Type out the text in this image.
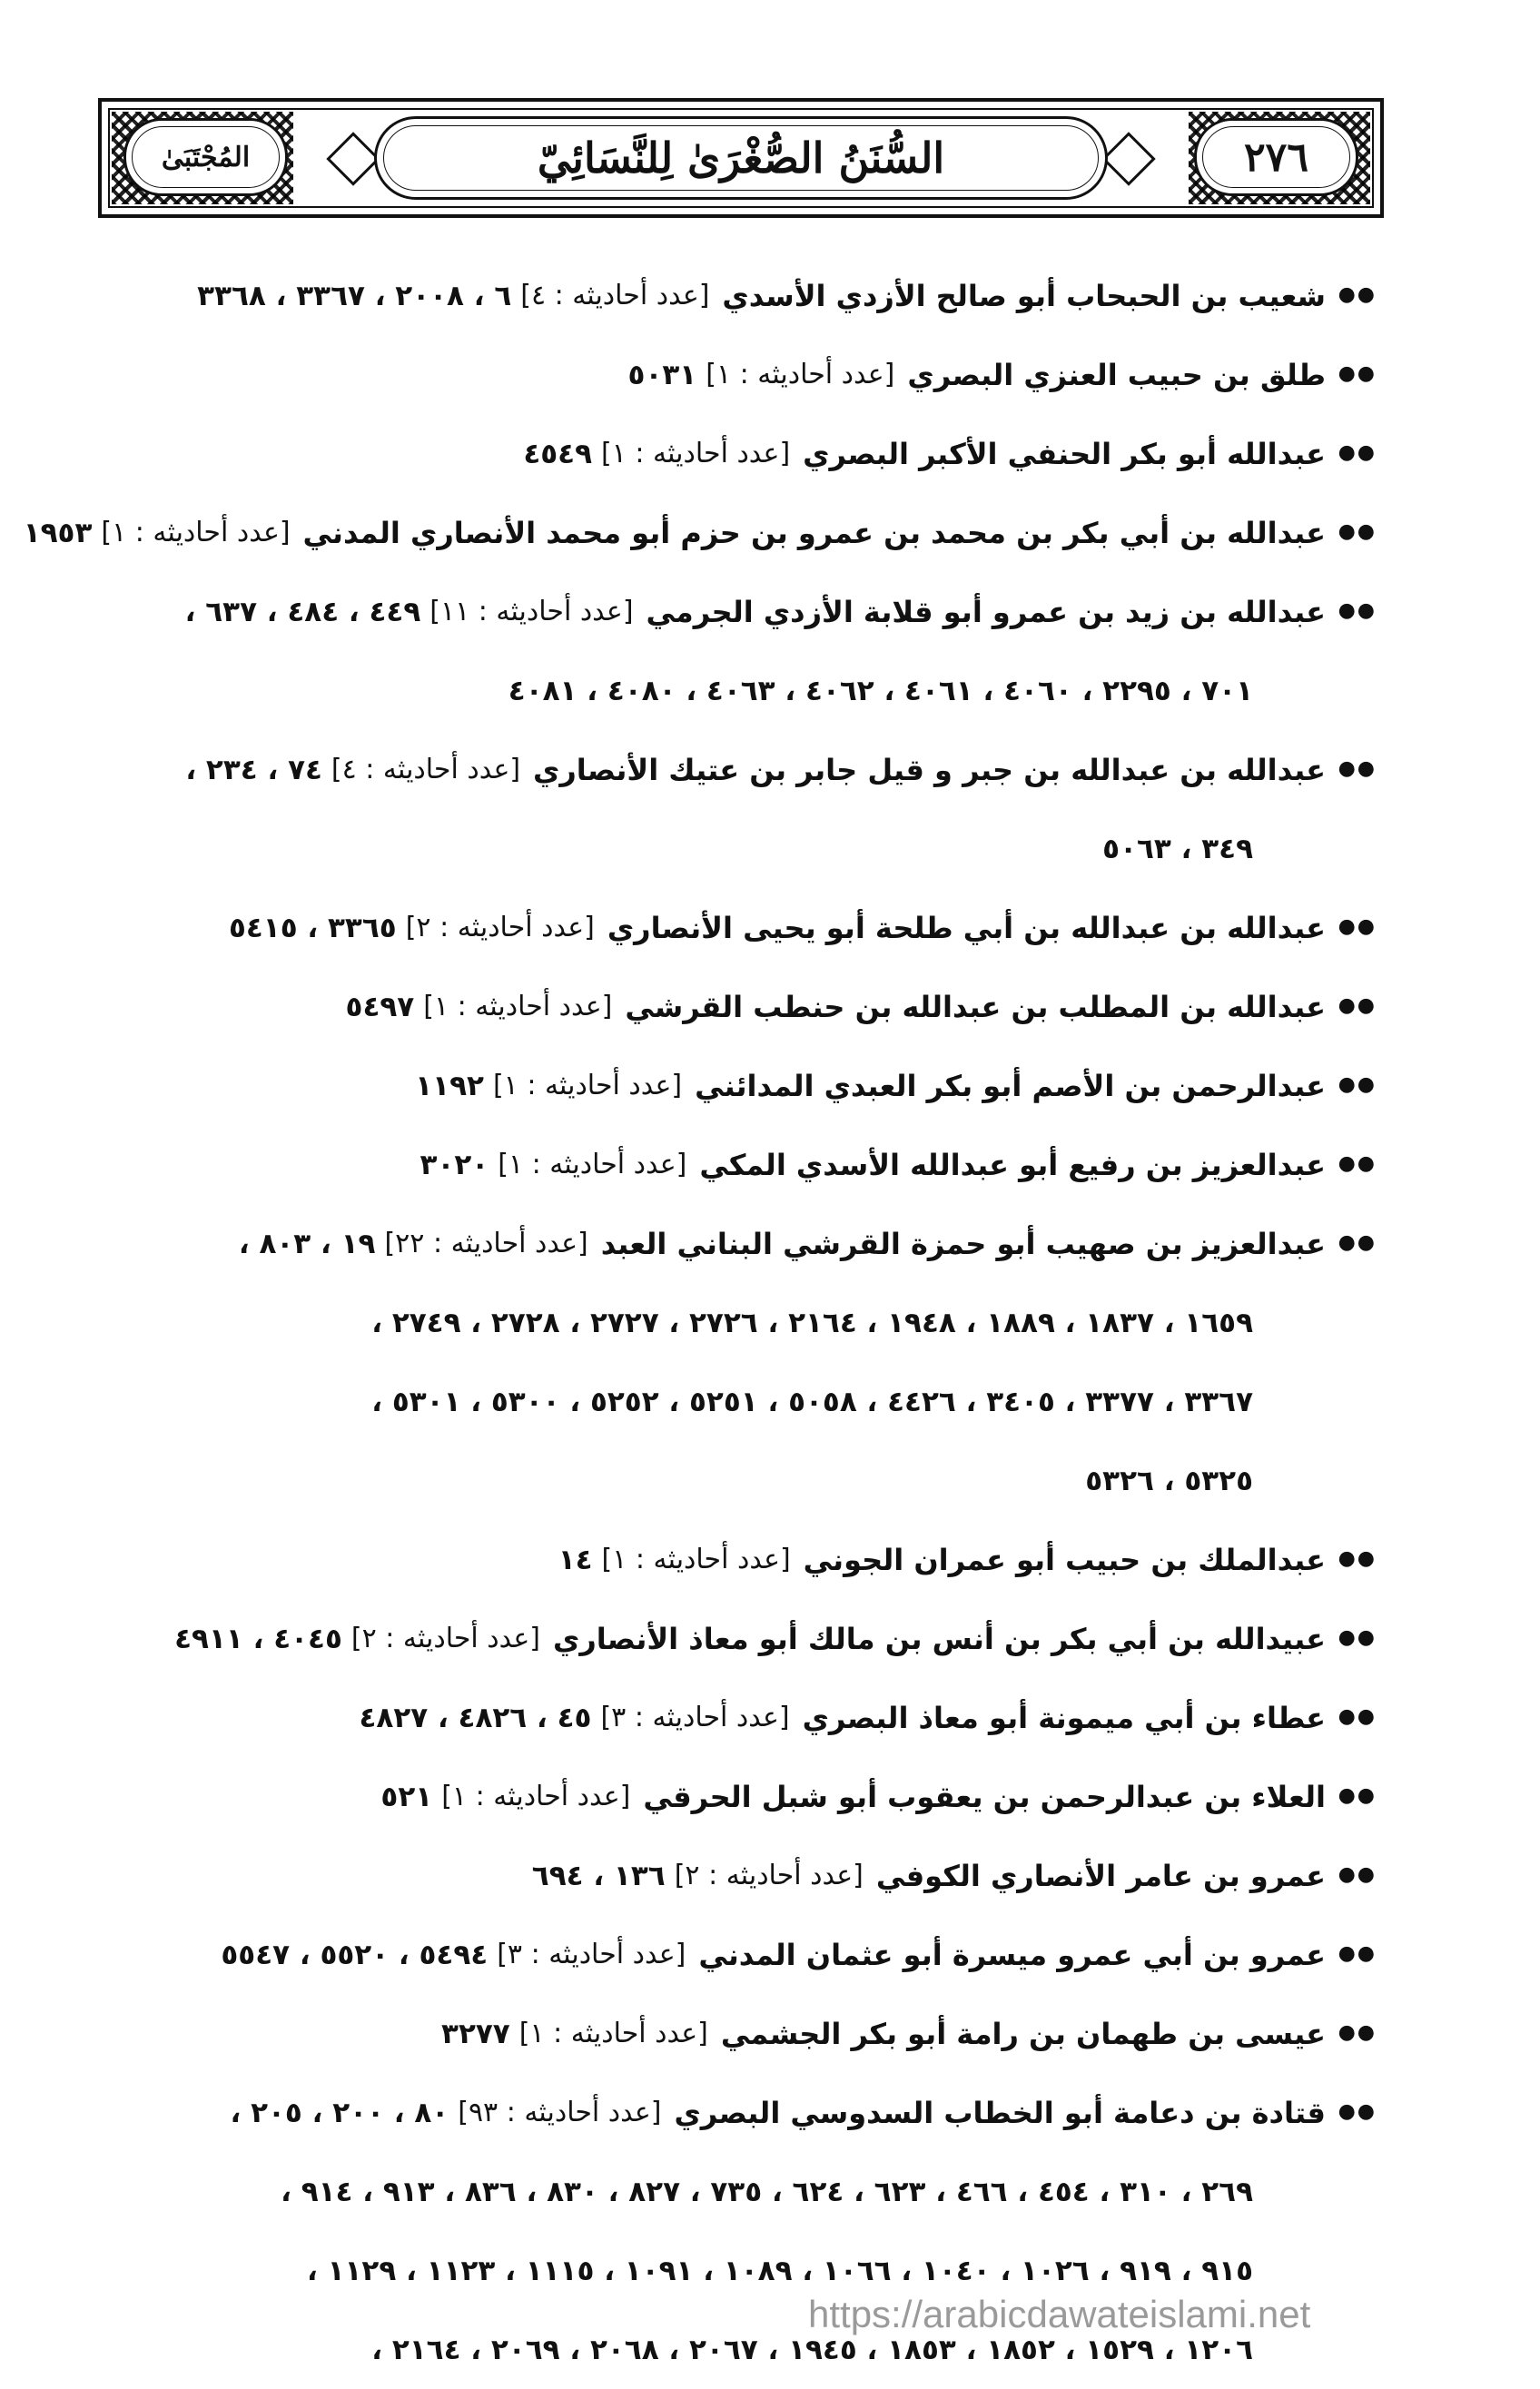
المُجْتَبَىٰ	السُّنَنُ الصُّغْرَىٰ لِلنَّسَائِيّ	٢٧٦
●●
شعيب بن الحبحاب أبو صالح الأزدي الأسدي
[عدد أحاديثه : ٤]
٦ ، ٢٠٠٨ ، ٣٣٦٧ ، ٣٣٦٨
●●
طلق بن حبيب العنزي البصري
[عدد أحاديثه : ١]
٥٠٣١
●●
عبدالله أبو بكر الحنفي الأكبر البصري
[عدد أحاديثه : ١]
٤٥٤٩
●●
عبدالله بن أبي بكر بن محمد بن عمرو بن حزم أبو محمد الأنصاري المدني
[عدد أحاديثه : ١]
١٩٥٣
●●
عبدالله بن زيد بن عمرو أبو قلابة الأزدي الجرمي
[عدد أحاديثه : ١١]
٤٤٩ ، ٤٨٤ ، ٦٣٧ ،
٧٠١ ، ٢٢٩٥ ، ٤٠٦٠ ، ٤٠٦١ ، ٤٠٦٢ ، ٤٠٦٣ ، ٤٠٨٠ ، ٤٠٨١
●●
عبدالله بن عبدالله بن جبر و قيل جابر بن عتيك الأنصاري
[عدد أحاديثه : ٤]
٧٤ ، ٢٣٤ ،
٣٤٩ ، ٥٠٦٣
●●
عبدالله بن عبدالله بن أبي طلحة أبو يحيى الأنصاري
[عدد أحاديثه : ٢]
٣٣٦٥ ، ٥٤١٥
●●
عبدالله بن المطلب بن عبدالله بن حنطب القرشي
[عدد أحاديثه : ١]
٥٤٩٧
●●
عبدالرحمن بن الأصم أبو بكر العبدي المدائني
[عدد أحاديثه : ١]
١١٩٢
●●
عبدالعزيز بن رفيع أبو عبدالله الأسدي المكي
[عدد أحاديثه : ١]
٣٠٢٠
●●
عبدالعزيز بن صهيب أبو حمزة القرشي البناني العبد
[عدد أحاديثه : ٢٢]
١٩ ، ٨٠٣ ،
١٦٥٩ ، ١٨٣٧ ، ١٨٨٩ ، ١٩٤٨ ، ٢١٦٤ ، ٢٧٢٦ ، ٢٧٢٧ ، ٢٧٢٨ ، ٢٧٤٩ ،
٣٣٦٧ ، ٣٣٧٧ ، ٣٤٠٥ ، ٤٤٢٦ ، ٥٠٥٨ ، ٥٢٥١ ، ٥٢٥٢ ، ٥٣٠٠ ، ٥٣٠١ ،
٥٣٢٥ ، ٥٣٢٦
●●
عبدالملك بن حبيب أبو عمران الجوني
[عدد أحاديثه : ١]
١٤
●●
عبيدالله بن أبي بكر بن أنس بن مالك أبو معاذ الأنصاري
[عدد أحاديثه : ٢]
٤٠٤٥ ، ٤٩١١
●●
عطاء بن أبي ميمونة أبو معاذ البصري
[عدد أحاديثه : ٣]
٤٥ ، ٤٨٢٦ ، ٤٨٢٧
●●
العلاء بن عبدالرحمن بن يعقوب أبو شبل الحرقي
[عدد أحاديثه : ١]
٥٢١
●●
عمرو بن عامر الأنصاري الكوفي
[عدد أحاديثه : ٢]
١٣٦ ، ٦٩٤
●●
عمرو بن أبي عمرو ميسرة أبو عثمان المدني
[عدد أحاديثه : ٣]
٥٤٩٤ ، ٥٥٢٠ ، ٥٥٤٧
●●
عيسى بن طهمان بن رامة أبو بكر الجشمي
[عدد أحاديثه : ١]
٣٢٧٧
●●
قتادة بن دعامة أبو الخطاب السدوسي البصري
[عدد أحاديثه : ٩٣]
٨٠ ، ٢٠٠ ، ٢٠٥ ،
٢٦٩ ، ٣١٠ ، ٤٥٤ ، ٤٦٦ ، ٦٢٣ ، ٦٢٤ ، ٧٣٥ ، ٨٢٧ ، ٨٣٠ ، ٨٣٦ ، ٩١٣ ، ٩١٤ ،
٩١٥ ، ٩١٩ ، ١٠٢٦ ، ١٠٤٠ ، ١٠٦٦ ، ١٠٨٩ ، ١٠٩١ ، ١١١٥ ، ١١٢٣ ، ١١٢٩ ،
١٢٠٦ ، ١٥٢٩ ، ١٨٥٢ ، ١٨٥٣ ، ١٩٤٥ ، ٢٠٦٧ ، ٢٠٦٨ ، ٢٠٦٩ ، ٢١٦٤ ،
https://arabicdawateislami.net
